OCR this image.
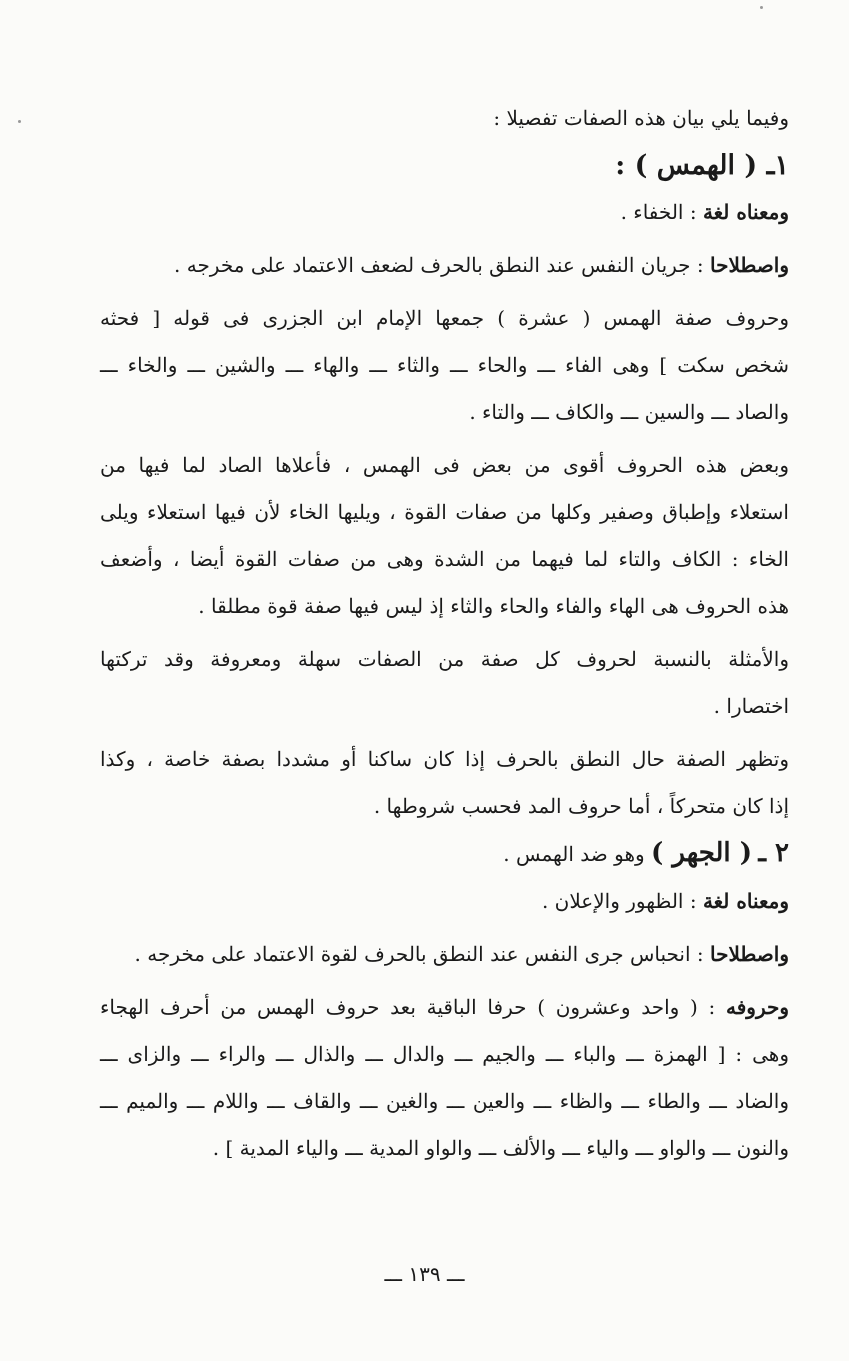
وفيما يلي بيان هذه الصفات تفصيلا :
١ـ ( الهمس ) :
ومعناه لغة : الخفاء .
واصطلاحا : جريان النفس عند النطق بالحرف لضعف الاعتماد على مخرجه .
وحروف صفة الهمس ( عشرة ) جمعها الإمام ابن الجزرى فى قوله [ فحثه
شخص سكت ] وهى الفاء ـــ والحاء ـــ والثاء ـــ والهاء ـــ والشين ـــ والخاء ـــ
والصاد ـــ والسين ـــ والكاف ـــ والتاء .
وبعض هذه الحروف أقوى من بعض فى الهمس ، فأعلاها الصاد لما فيها من
استعلاء وإطباق وصفير وكلها من صفات القوة ، ويليها الخاء لأن فيها استعلاء ويلى
الخاء : الكاف والتاء لما فيهما من الشدة وهى من صفات القوة أيضا ، وأضعف
هذه الحروف هى الهاء والفاء والحاء والثاء إذ ليس فيها صفة قوة مطلقا .
والأمثلة بالنسبة لحروف كل صفة من الصفات سهلة ومعروفة وقد تركتها
اختصارا .
وتظهر الصفة حال النطق بالحرف إذا كان ساكنا أو مشددا بصفة خاصة ، وكذا
إذا كان متحركاً ، أما حروف المد فحسب شروطها .
٢ ـ ( الجهر ) وهو ضد الهمس .
ومعناه لغة : الظهور والإعلان .
واصطلاحا : انحباس جرى النفس عند النطق بالحرف لقوة الاعتماد على مخرجه .
وحروفه : ( واحد وعشرون ) حرفا الباقية بعد حروف الهمس من أحرف الهجاء
وهى : [ الهمزة ـــ والباء ـــ والجيم ـــ والدال ـــ والذال ـــ والراء ـــ والزاى ـــ
والضاد ـــ والطاء ـــ والظاء ـــ والعين ـــ والغين ـــ والقاف ـــ واللام ـــ والميم ـــ
والنون ـــ والواو ـــ والياء ـــ والألف ـــ والواو المدية ـــ والياء المدية ] .
ـــ ١٣٩ ـــ
